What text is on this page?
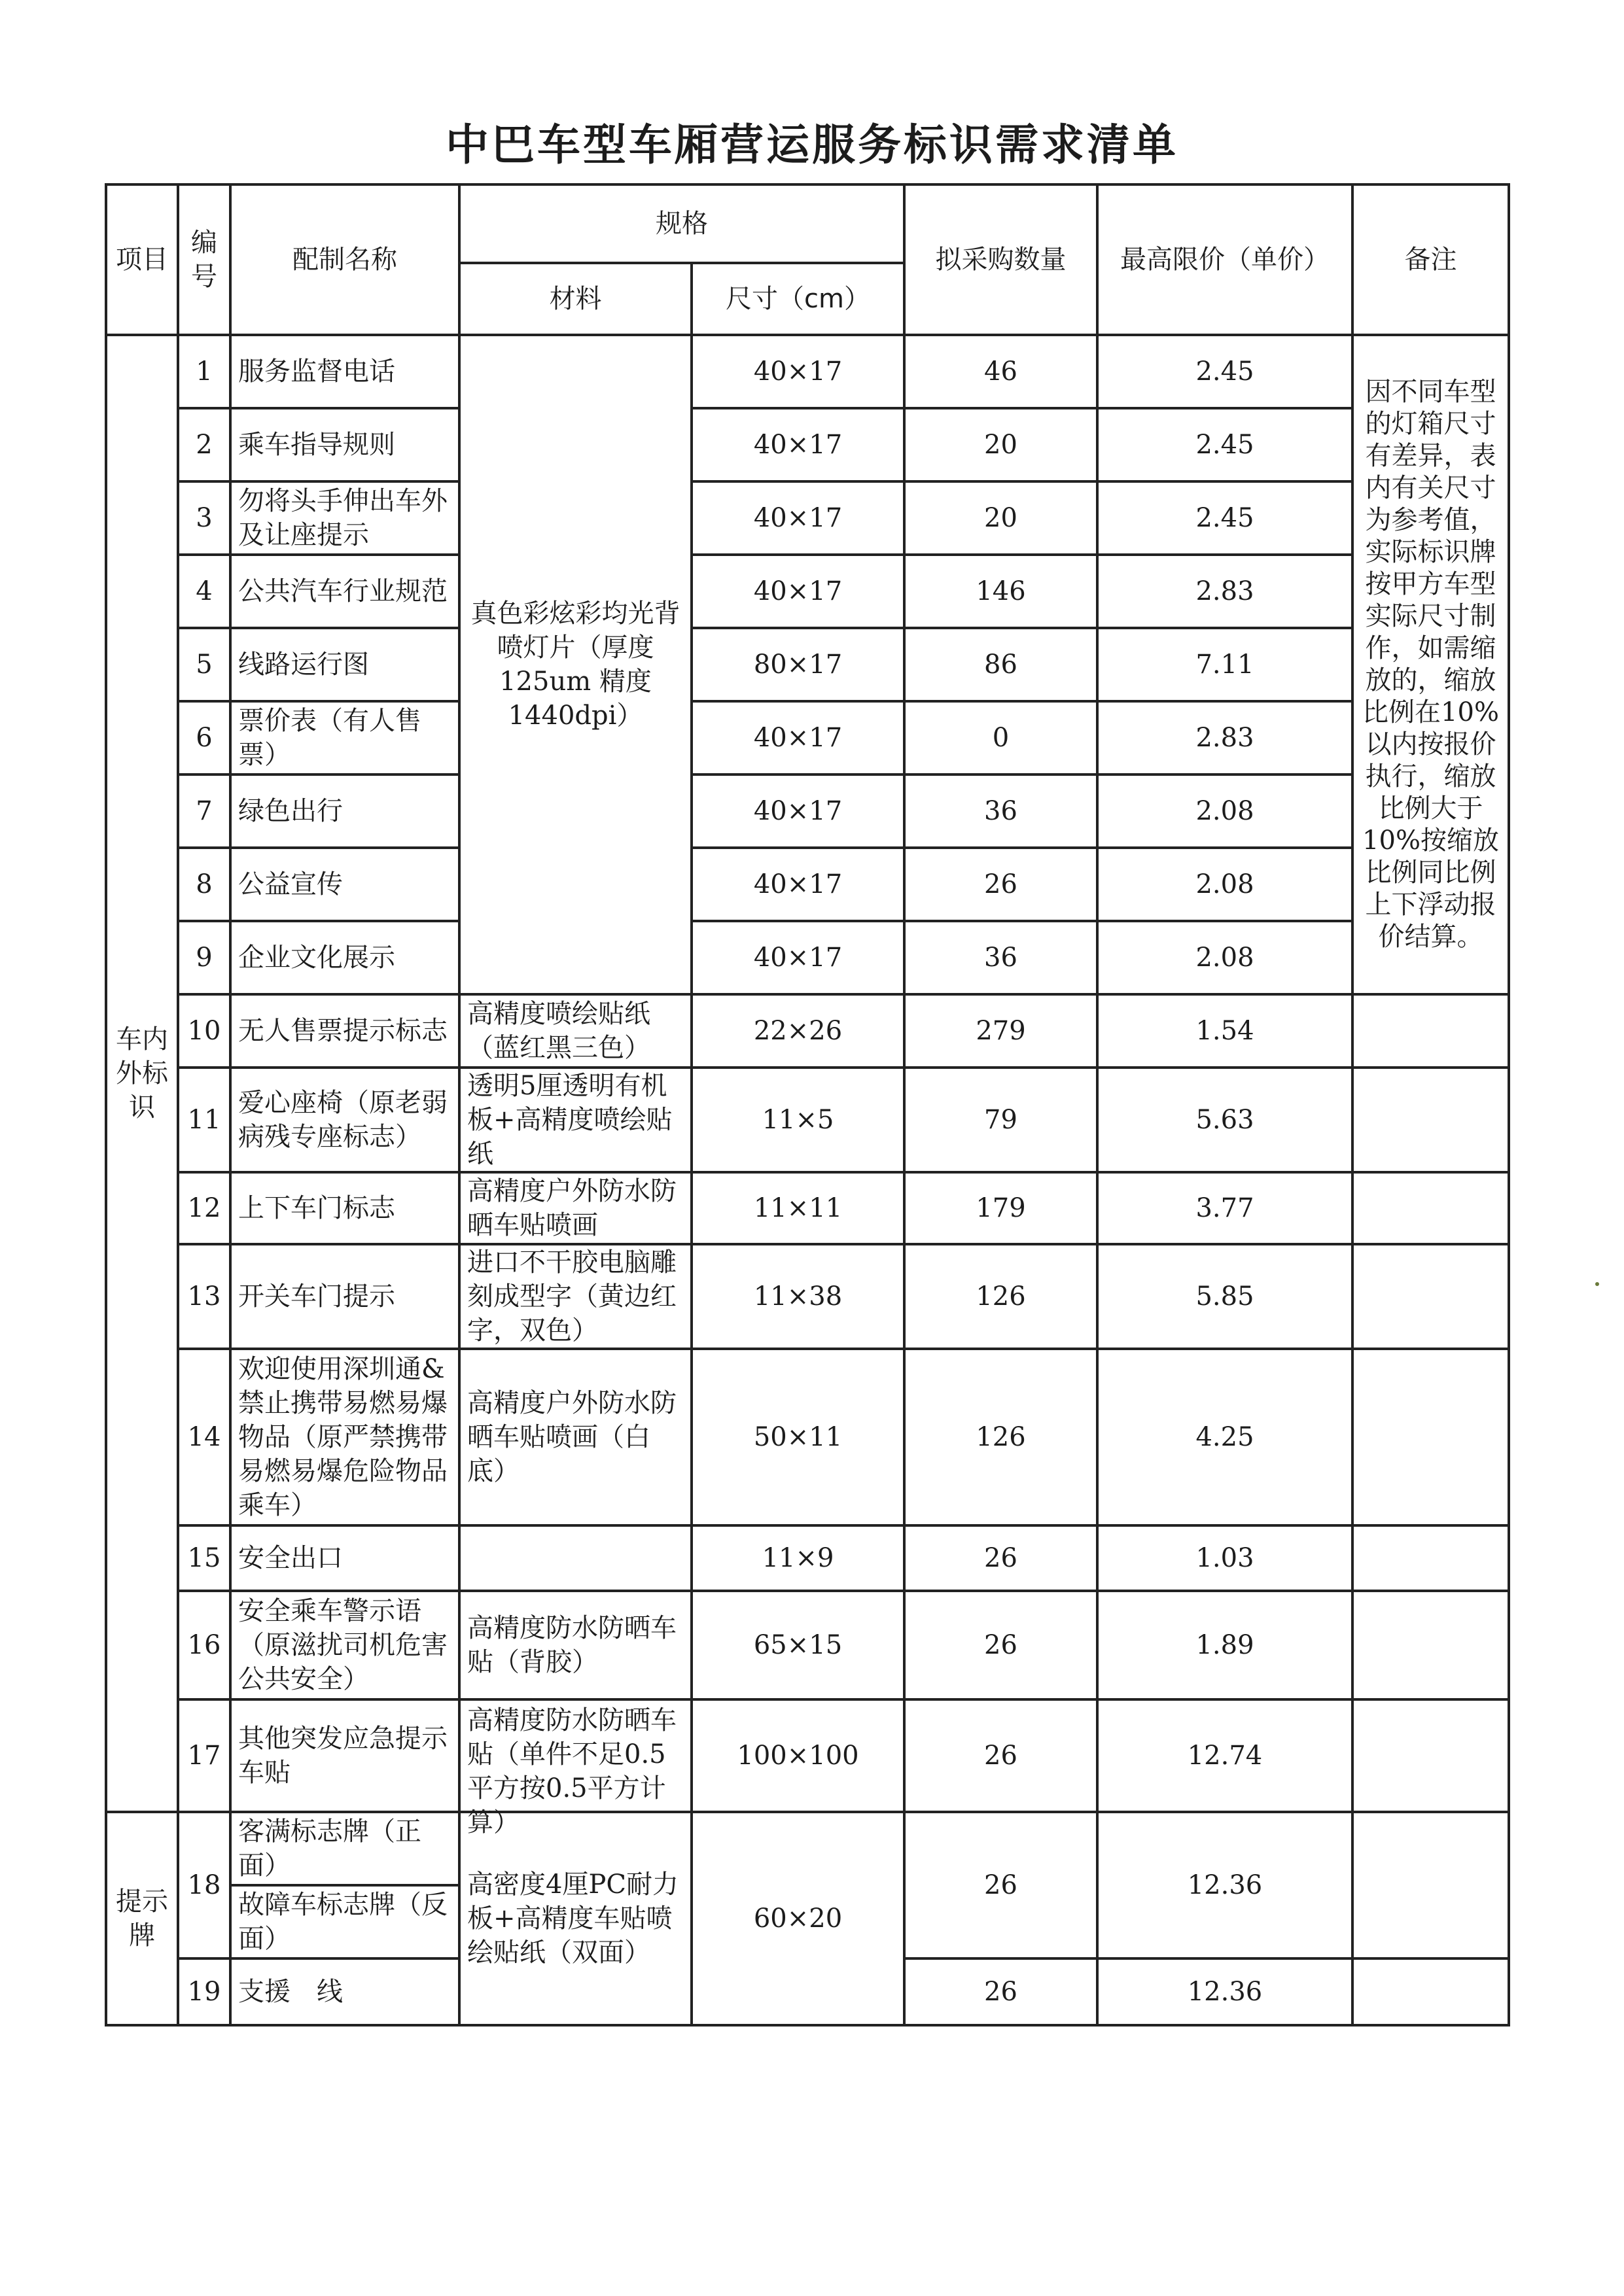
中巴车型车厢营运服务标识需求清单
项目	编号	配制名称	规格		拟采购数量	最高限价（单价）	备注
			材料	尺寸（cm）			
车内外标识	1	服务监督电话	真色彩炫彩均光背喷灯片（厚度125um 精度1440dpi）	40×17	46	2.45	因不同车型的灯箱尺寸有差异，表内有关尺寸为参考值，实际标识牌按甲方车型实际尺寸制作，如需缩放的，缩放比例在10%以内按报价执行，缩放比例大于10%按缩放比例同比例上下浮动报价结算。
	2	乘车指导规则		40×17	20	2.45	
	3	勿将头手伸出车外及让座提示		40×17	20	2.45	
	4	公共汽车行业规范		40×17	146	2.83	
	5	线路运行图		80×17	86	7.11	
	6	票价表（有人售票）		40×17	0	2.83	
	7	绿色出行		40×17	36	2.08	
	8	公益宣传		40×17	26	2.08	
	9	企业文化展示		40×17	36	2.08	
	10	无人售票提示标志	高精度喷绘贴纸（蓝红黑三色）	22×26	279	1.54	
	11	爱心座椅（原老弱病残专座标志）	透明5厘透明有机板+高精度喷绘贴纸	11×5	79	5.63	
	12	上下车门标志	高精度户外防水防晒车贴喷画	11×11	179	3.77	
	13	开关车门提示	进口不干胶电脑雕刻成型字（黄边红字，双色）	11×38	126	5.85	
	14	欢迎使用深圳通&禁止携带易燃易爆物品（原严禁携带易燃易爆危险物品乘车）	高精度户外防水防晒车贴喷画（白底）	50×11	126	4.25	
	15	安全出口		11×9	26	1.03	
	16	安全乘车警示语（原滋扰司机危害公共安全）	高精度防水防晒车贴（背胶）	65×15	26	1.89	
	17	其他突发应急提示车贴	高精度防水防晒车贴（单件不足0.5平方按0.5平方计算）	100×100	26	12.74	
提示牌	18	客满标志牌（正面）	高密度4厘PC耐力板+高精度车贴喷绘贴纸（双面）	60×20	26	12.36	
		故障车标志牌（反面）					
	19	支援　线			26	12.36	
